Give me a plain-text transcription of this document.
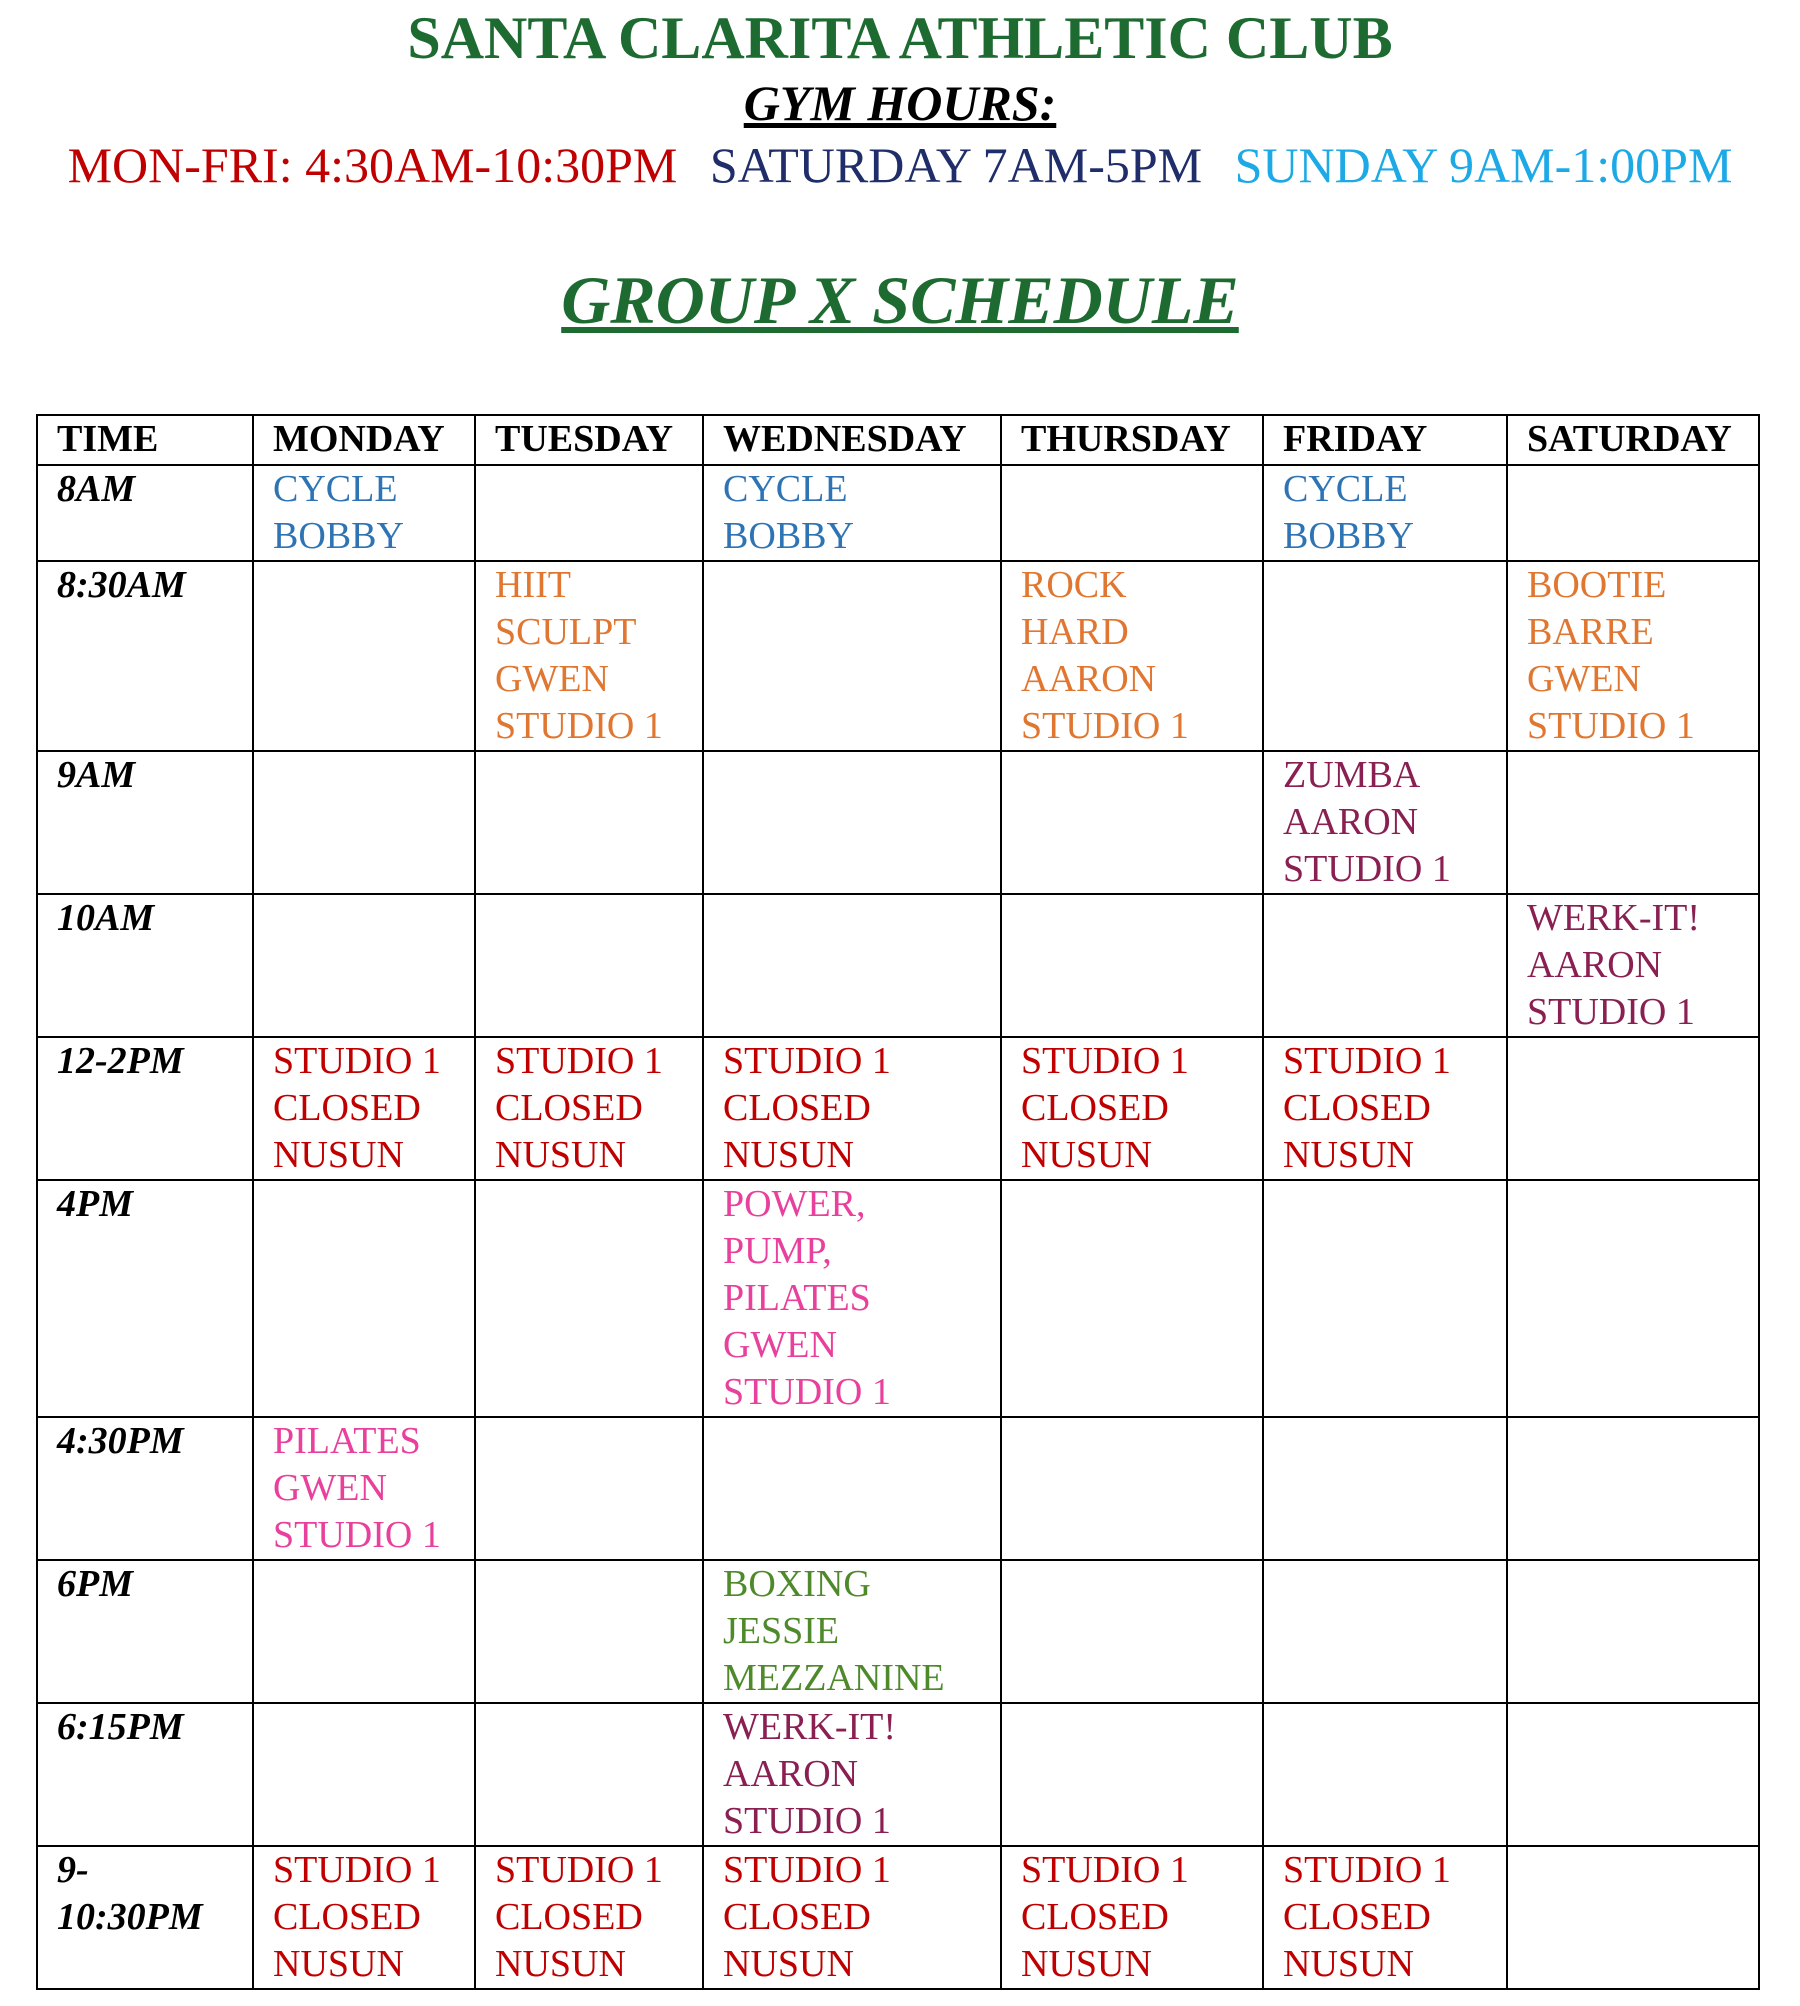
SANTA CLARITA ATHLETIC CLUB
GYM HOURS:
MON-FRI: 4:30AM-10:30PM SATURDAY 7AM-5PM SUNDAY 9AM-1:00PM
GROUP X SCHEDULE
TIME	MONDAY	TUESDAY	WEDNESDAY	THURSDAY	FRIDAY	SATURDAY

8AM	CYCLE
BOBBY		CYCLE
BOBBY		CYCLE
BOBBY	

8:30AM		HIIT
SCULPT
GWEN
STUDIO 1		ROCK
HARD
AARON
STUDIO 1		BOOTIE
BARRE
GWEN
STUDIO 1

9AM					ZUMBA
AARON
STUDIO 1	

10AM						WERK-IT!
AARON
STUDIO 1

12-2PM	STUDIO 1
CLOSED
NUSUN	STUDIO 1
CLOSED
NUSUN	STUDIO 1
CLOSED
NUSUN	STUDIO 1
CLOSED
NUSUN	STUDIO 1
CLOSED
NUSUN	

4PM			POWER,
PUMP,
PILATES
GWEN
STUDIO 1			

4:30PM	PILATES
GWEN
STUDIO 1					

6PM			BOXING
JESSIE
MEZZANINE			

6:15PM			WERK-IT!
AARON
STUDIO 1			

9-
10:30PM	STUDIO 1
CLOSED
NUSUN	STUDIO 1
CLOSED
NUSUN	STUDIO 1
CLOSED
NUSUN	STUDIO 1
CLOSED
NUSUN	STUDIO 1
CLOSED
NUSUN	
